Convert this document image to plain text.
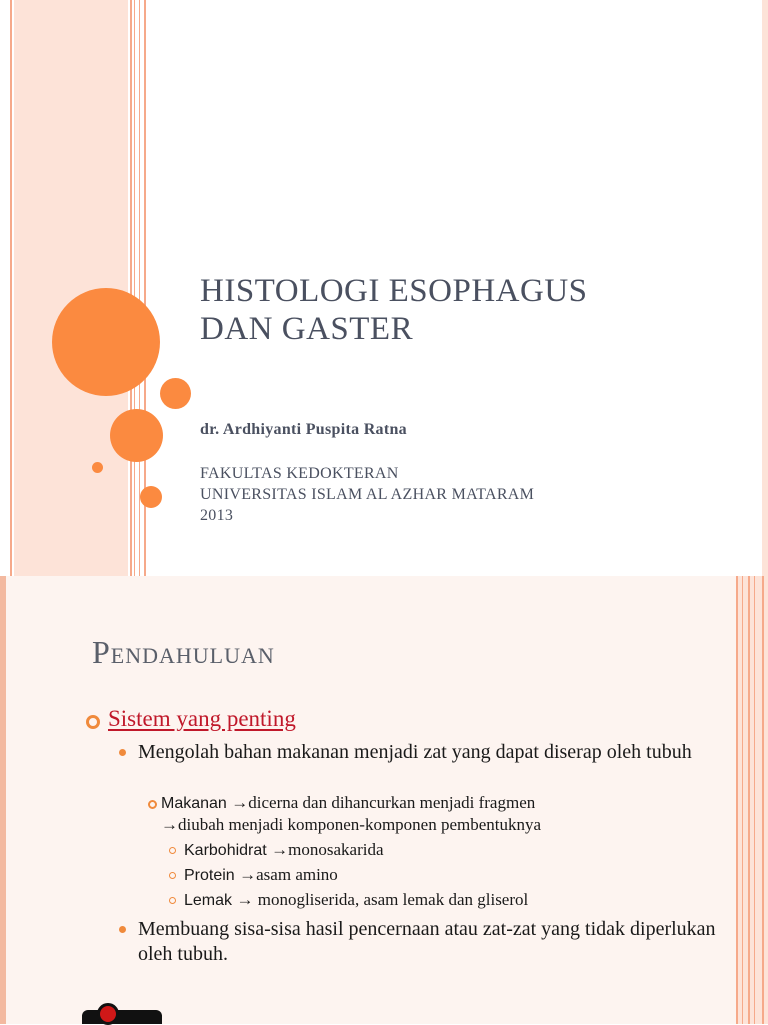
HISTOLOGI ESOPHAGUS
DAN GASTER
dr. Ardhiyanti Puspita Ratna
FAKULTAS KEDOKTERAN
UNIVERSITAS ISLAM AL AZHAR MATARAM
2013
Pendahuluan
Sistem yang penting
Mengolah bahan makanan menjadi zat yang dapat diserap oleh tubuh
Makanan →dicerna dan dihancurkan menjadi fragmen
→diubah menjadi komponen-komponen pembentuknya
Karbohidrat →monosakarida
Protein →asam amino
Lemak → monogliserida, asam lemak dan gliserol
Membuang sisa-sisa hasil pencernaan atau zat-zat yang tidak diperlukan oleh tubuh.
